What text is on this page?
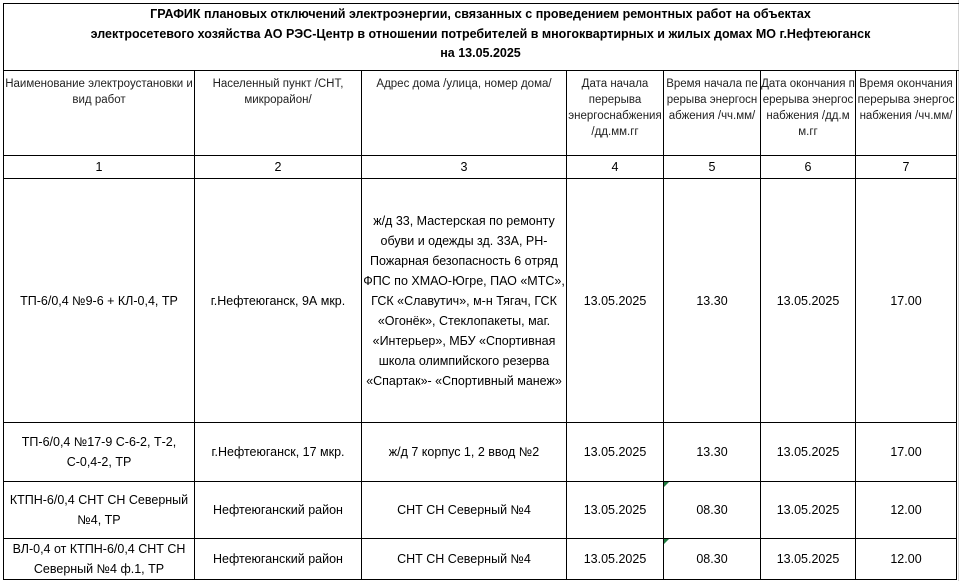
ГРАФИК плановых отключений электроэнергии, связанных с проведением ремонтных работ на объектах
электросетевого хозяйства АО РЭС-Центр в отношении потребителей в многоквартирных и жилых домах МО г.Нефтеюганск
на 13.05.2025
Наименование электроустановки и вид работ	Населенный пункт /СНТ, микрорайон/	Адрес дома /улица, номер дома/	Дата начала перерыва энергоснабжения /дд.мм.гг	Время начала перерыва энергоснабжения /чч.мм/	Дата окончания перерыва энергоснабжения /дд.мм.гг	Время окончания перерыва энергоснабжения /чч.мм/
1	2	3	4	5	6	7
ТП-6/0,4 №9-6 + КЛ-0,4, ТР	г.Нефтеюганск, 9А мкр.	ж/д 33, Мастерская по ремонту обуви и одежды зд. 33А, РН-Пожарная безопасность 6 отряд ФПС по ХМАО-Югре, ПАО «МТС», ГСК «Славутич», м-н Тягач, ГСК «Огонёк», Стеклопакеты, маг. «Интерьер», МБУ «Спортивная школа олимпийского резерва «Спартак»- «Спортивный манеж»	13.05.2025	13.30	13.05.2025	17.00
ТП-6/0,4 №17-9 С-6-2, Т-2, С-0,4-2, ТР	г.Нефтеюганск, 17 мкр.	ж/д 7 корпус 1, 2 ввод №2	13.05.2025	13.30	13.05.2025	17.00
КТПН-6/0,4 СНТ СН Северный №4, ТР	Нефтеюганский район	СНТ СН Северный №4	13.05.2025	08.30	13.05.2025	12.00
ВЛ-0,4 от КТПН-6/0,4 СНТ СН Северный №4 ф.1, ТР	Нефтеюганский район	СНТ СН Северный №4	13.05.2025	08.30	13.05.2025	12.00
